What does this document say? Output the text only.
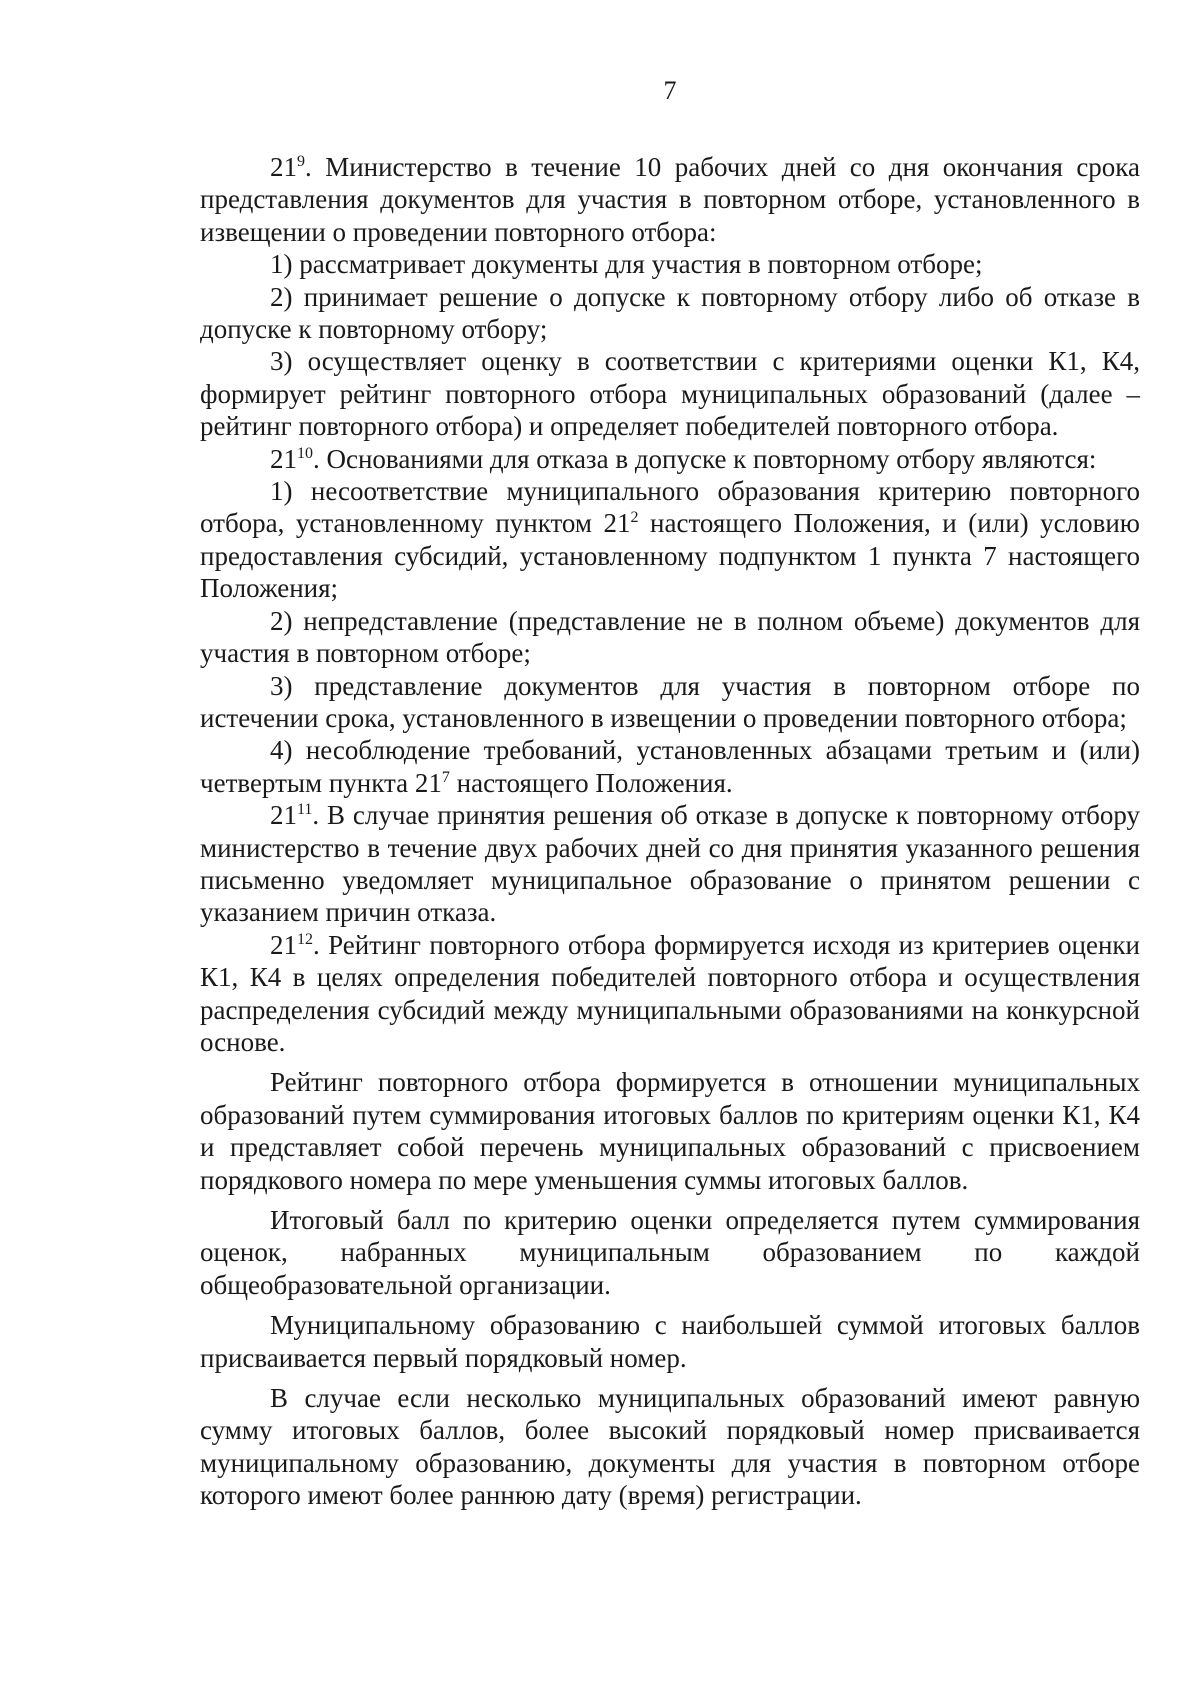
7

$21^9$. Министерство в течение 10 рабочих дней со дня окончания срока представления документов для участия в повторном отборе, установленного в извещении о проведении повторного отбора:

1) рассматривает документы для участия в повторном отборе;

2) принимает решение о допуске к повторному отбору либо об отказе в допуске к повторному отбору;

3) осуществляет оценку в соответствии с критериями оценки К1, К4, формирует рейтинг повторного отбора муниципальных образований (далее – рейтинг повторного отбора) и определяет победителей повторного отбора.

$21^{10}$. Основаниями для отказа в допуске к повторному отбору являются:

1) несоответствие муниципального образования критерию повторного отбора, установленному пунктом $21^2$ настоящего Положения, и (или) условию предоставления субсидий, установленному подпунктом 1 пункта 7 настоящего Положения;

2) непредставление (представление не в полном объеме) документов для участия в повторном отборе;

3) представление документов для участия в повторном отборе по истечении срока, установленного в извещении о проведении повторного отбора;

4) несоблюдение требований, установленных абзацами третьим и (или) четвертым пункта $21^7$ настоящего Положения.

$21^{11}$. В случае принятия решения об отказе в допуске к повторному отбору министерство в течение двух рабочих дней со дня принятия указанного решения письменно уведомляет муниципальное образование о принятом решении с указанием причин отказа.

$21^{12}$. Рейтинг повторного отбора формируется исходя из критериев оценки К1, К4 в целях определения победителей повторного отбора и осуществления распределения субсидий между муниципальными образованиями на конкурсной основе.

Рейтинг повторного отбора формируется в отношении муниципальных образований путем суммирования итоговых баллов по критериям оценки К1, К4 и представляет собой перечень муниципальных образований с присвоением порядкового номера по мере уменьшения суммы итоговых баллов.

Итоговый балл по критерию оценки определяется путем суммирования оценок, набранных муниципальным образованием по каждой общеобразовательной организации.

Муниципальному образованию с наибольшей суммой итоговых баллов присваивается первый порядковый номер.

В случае если несколько муниципальных образований имеют равную сумму итоговых баллов, более высокий порядковый номер присваивается муниципальному образованию, документы для участия в повторном отборе которого имеют более раннюю дату (время) регистрации.
